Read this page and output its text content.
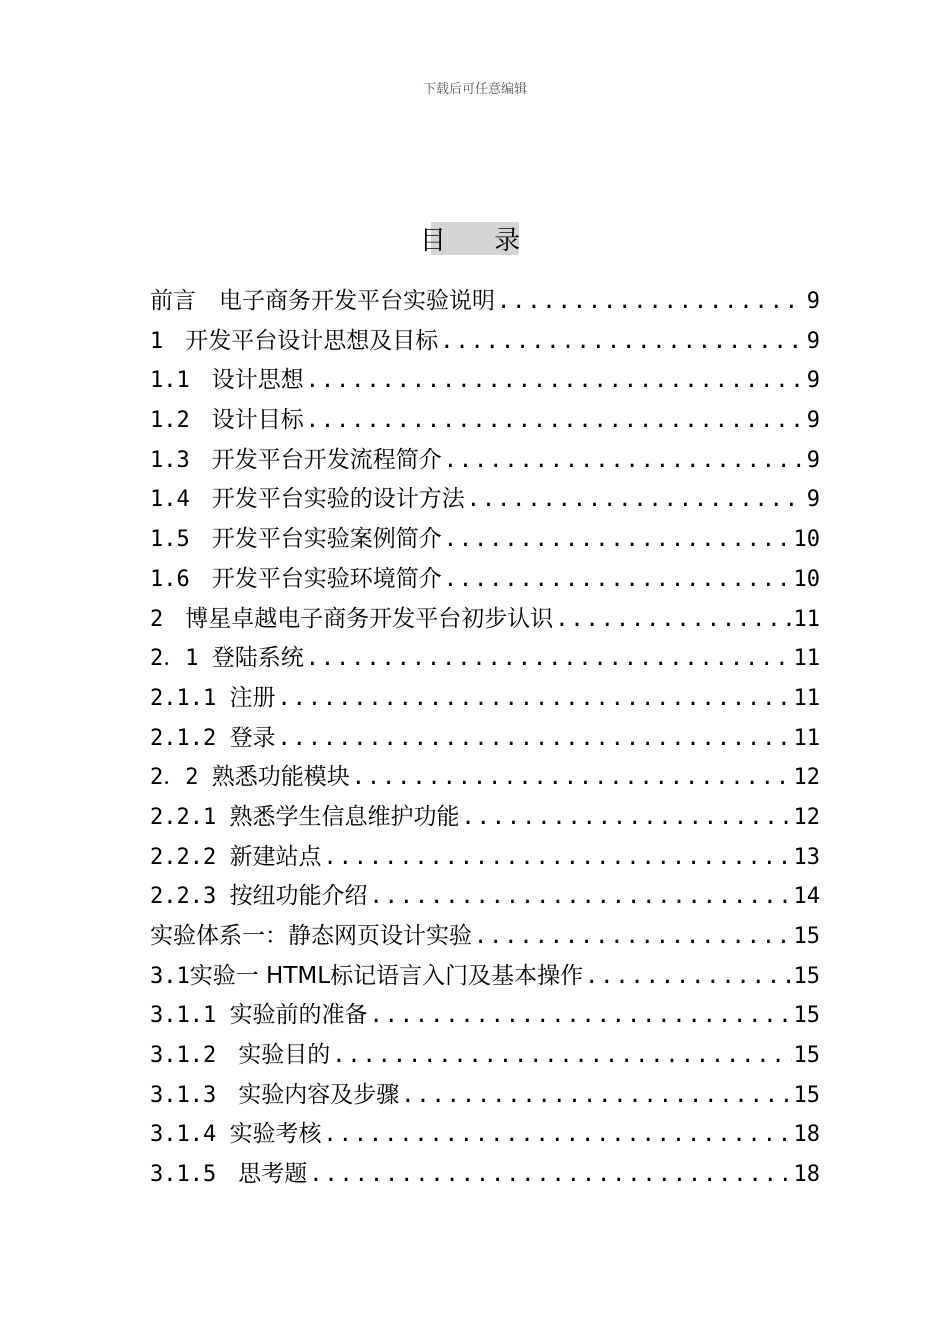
下载后可任意编辑
目 录
前言　电子商务开发平台实验说明 .....	9
1　开发平台设计思想及目标 .....	9
1.1　设计思想 .....	9
1.2　设计目标 .....	9
1.3　开发平台开发流程简介 .....	9
1.4　开发平台实验的设计方法 .....	9
1.5　开发平台实验案例简介 .....	10
1.6　开发平台实验环境简介 .....	10
2　博星卓越电子商务开发平台初步认识 .....	11
2．1 登陆系统 .....	11
2.1.1 注册 .....	11
2.1.2 登录 .....	11
2．2 熟悉功能模块 .....	12
2.2.1 熟悉学生信息维护功能 .....	12
2.2.2 新建站点 .....	13
2.2.3 按纽功能介绍 .....	14
实验体系一：静态网页设计实验 .....	15
3.1实验一 HTML标记语言入门及基本操作 .....	15
3.1.1 实验前的准备 .....	15
3.1.2　实验目的 .....	15
3.1.3　实验内容及步骤 .....	15
3.1.4 实验考核 .....	18
3.1.5　思考题 .....	18
